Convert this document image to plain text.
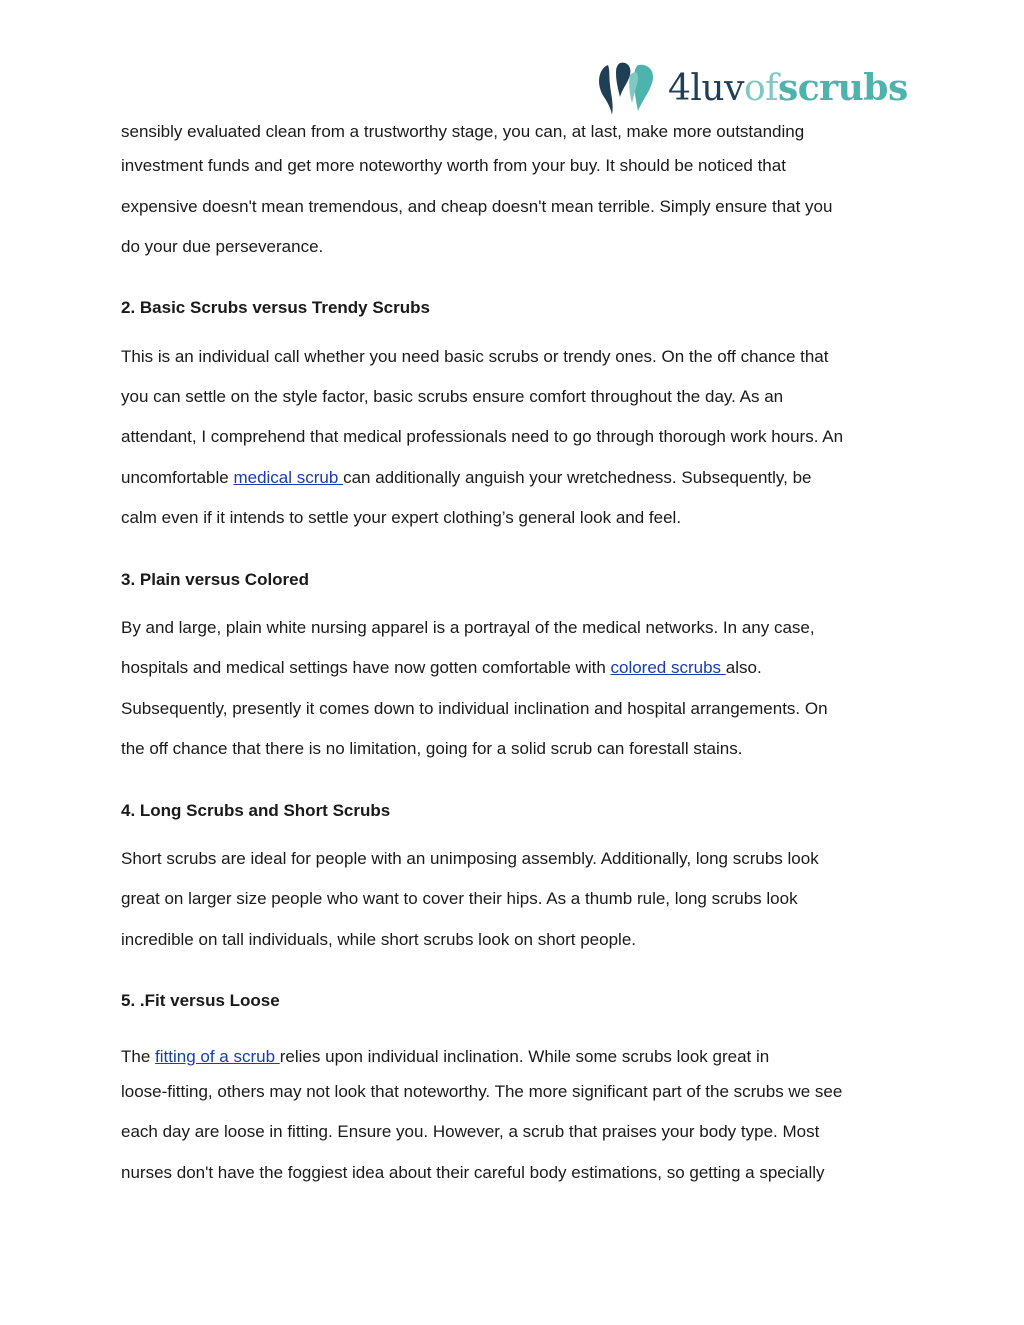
4luvofscrubs

sensibly evaluated clean from a trustworthy stage, you can, at last, make more outstanding

investment funds and get more noteworthy worth from your buy. It should be noticed that

expensive doesn't mean tremendous, and cheap doesn't mean terrible. Simply ensure that you

do your due perseverance.

2. Basic Scrubs versus Trendy Scrubs

This is an individual call whether you need basic scrubs or trendy ones. On the off chance that

you can settle on the style factor, basic scrubs ensure comfort throughout the day. As an

attendant, I comprehend that medical professionals need to go through thorough work hours. An

uncomfortable medical scrub can additionally anguish your wretchedness. Subsequently, be

calm even if it intends to settle your expert clothing’s general look and feel.

3. Plain versus Colored

By and large, plain white nursing apparel is a portrayal of the medical networks. In any case,

hospitals and medical settings have now gotten comfortable with colored scrubs also.

Subsequently, presently it comes down to individual inclination and hospital arrangements. On

the off chance that there is no limitation, going for a solid scrub can forestall stains.

4. Long Scrubs and Short Scrubs

Short scrubs are ideal for people with an unimposing assembly. Additionally, long scrubs look

great on larger size people who want to cover their hips. As a thumb rule, long scrubs look

incredible on tall individuals, while short scrubs look on short people.

5. .Fit versus Loose

The fitting of a scrub relies upon individual inclination. While some scrubs look great in

loose-fitting, others may not look that noteworthy. The more significant part of the scrubs we see

each day are loose in fitting. Ensure you. However, a scrub that praises your body type. Most

nurses don't have the foggiest idea about their careful body estimations, so getting a specially
